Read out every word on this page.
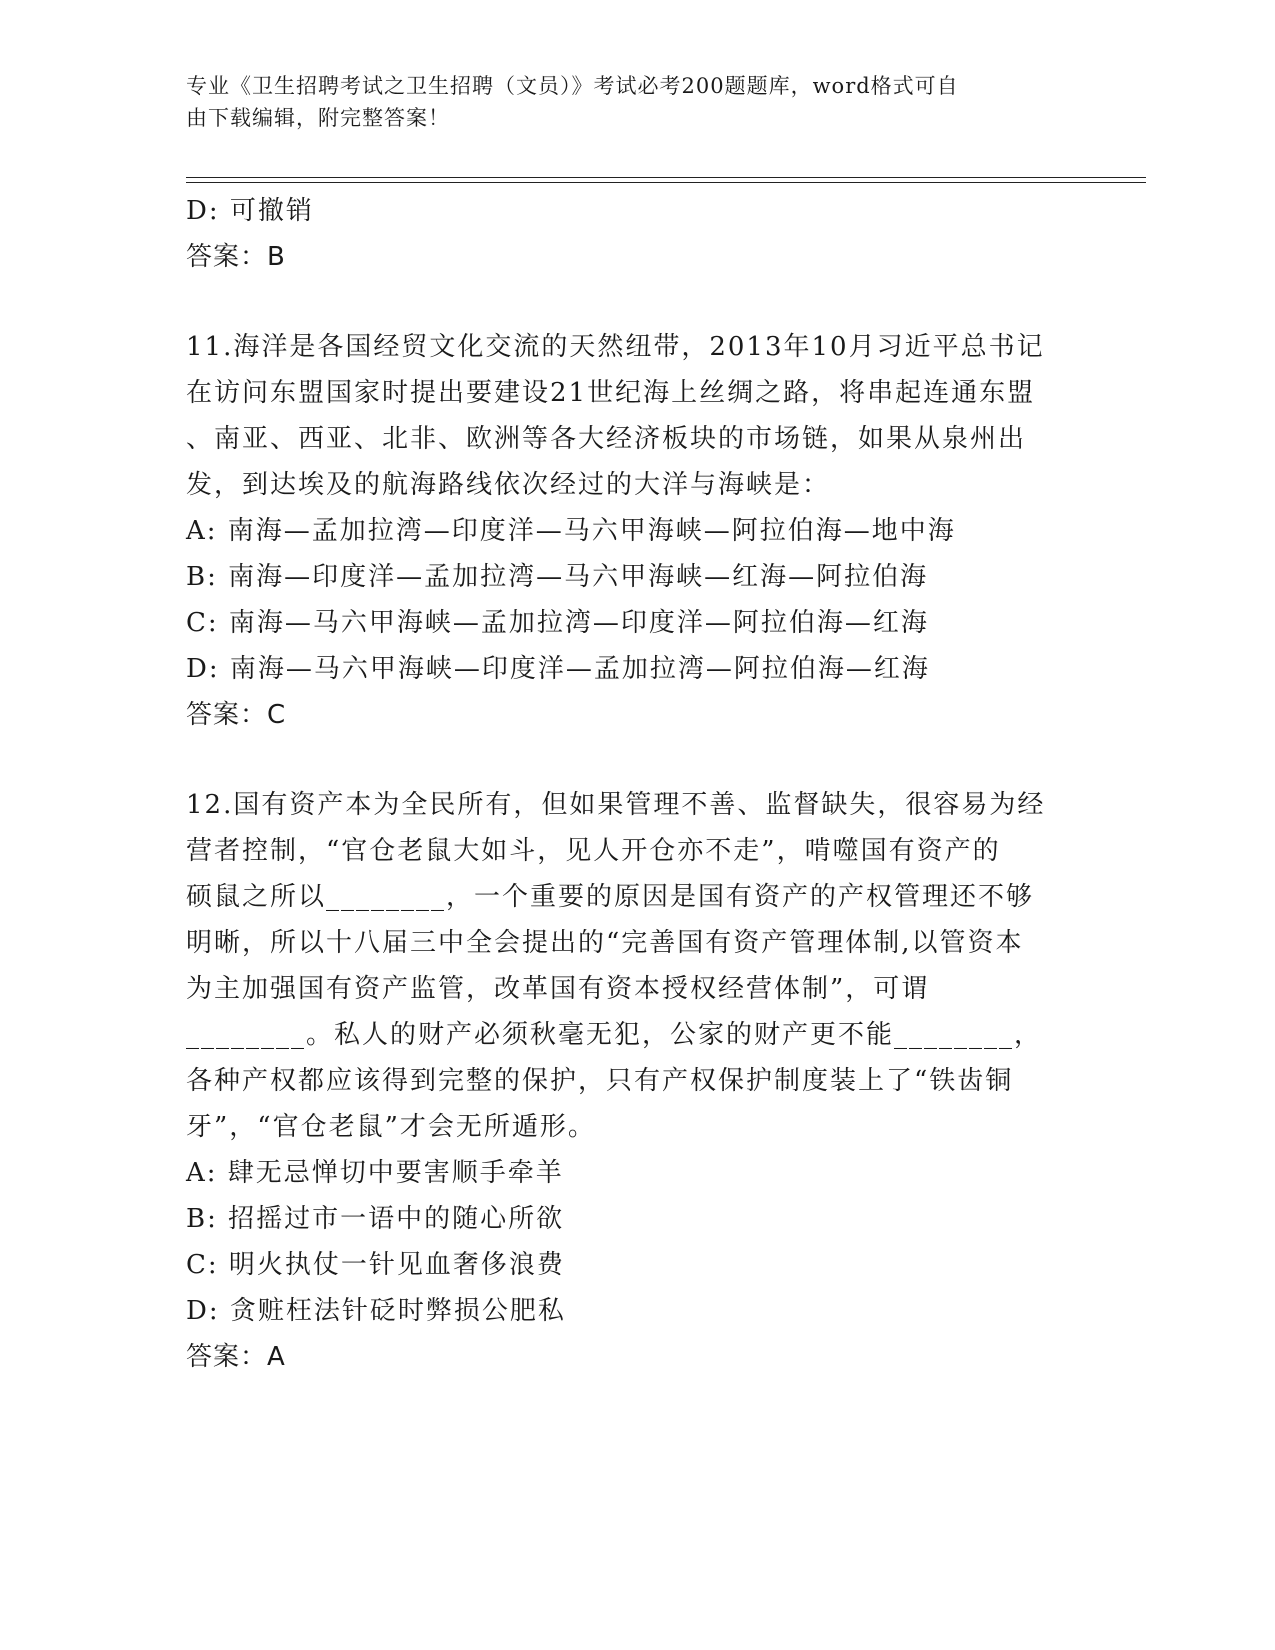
专业《卫生招聘考试之卫生招聘（文员）》考试必考200题题库，word格式可自
由下载编辑，附完整答案！
D: 可撤销
答案：B
11.海洋是各国经贸文化交流的天然纽带，2013年10月习近平总书记
在访问东盟国家时提出要建设21世纪海上丝绸之路，将串起连通东盟
、南亚、西亚、北非、欧洲等各大经济板块的市场链，如果从泉州出
发，到达埃及的航海路线依次经过的大洋与海峡是：
A: 南海—孟加拉湾—印度洋—马六甲海峡—阿拉伯海—地中海
B: 南海—印度洋—孟加拉湾—马六甲海峡—红海—阿拉伯海
C: 南海—马六甲海峡—孟加拉湾—印度洋—阿拉伯海—红海
D: 南海—马六甲海峡—印度洋—孟加拉湾—阿拉伯海—红海
答案：C
12.国有资产本为全民所有，但如果管理不善、监督缺失，很容易为经
营者控制，“官仓老鼠大如斗，见人开仓亦不走”，啃噬国有资产的
硕鼠之所以________，一个重要的原因是国有资产的产权管理还不够
明晰，所以十八届三中全会提出的“完善国有资产管理体制,以管资本
为主加强国有资产监管，改革国有资本授权经营体制”，可谓
________。私人的财产必须秋毫无犯，公家的财产更不能________，
各种产权都应该得到完整的保护，只有产权保护制度装上了“铁齿铜
牙”，“官仓老鼠”才会无所遁形。
A: 肆无忌惮切中要害顺手牵羊
B: 招摇过市一语中的随心所欲
C: 明火执仗一针见血奢侈浪费
D: 贪赃枉法针砭时弊损公肥私
答案：A
